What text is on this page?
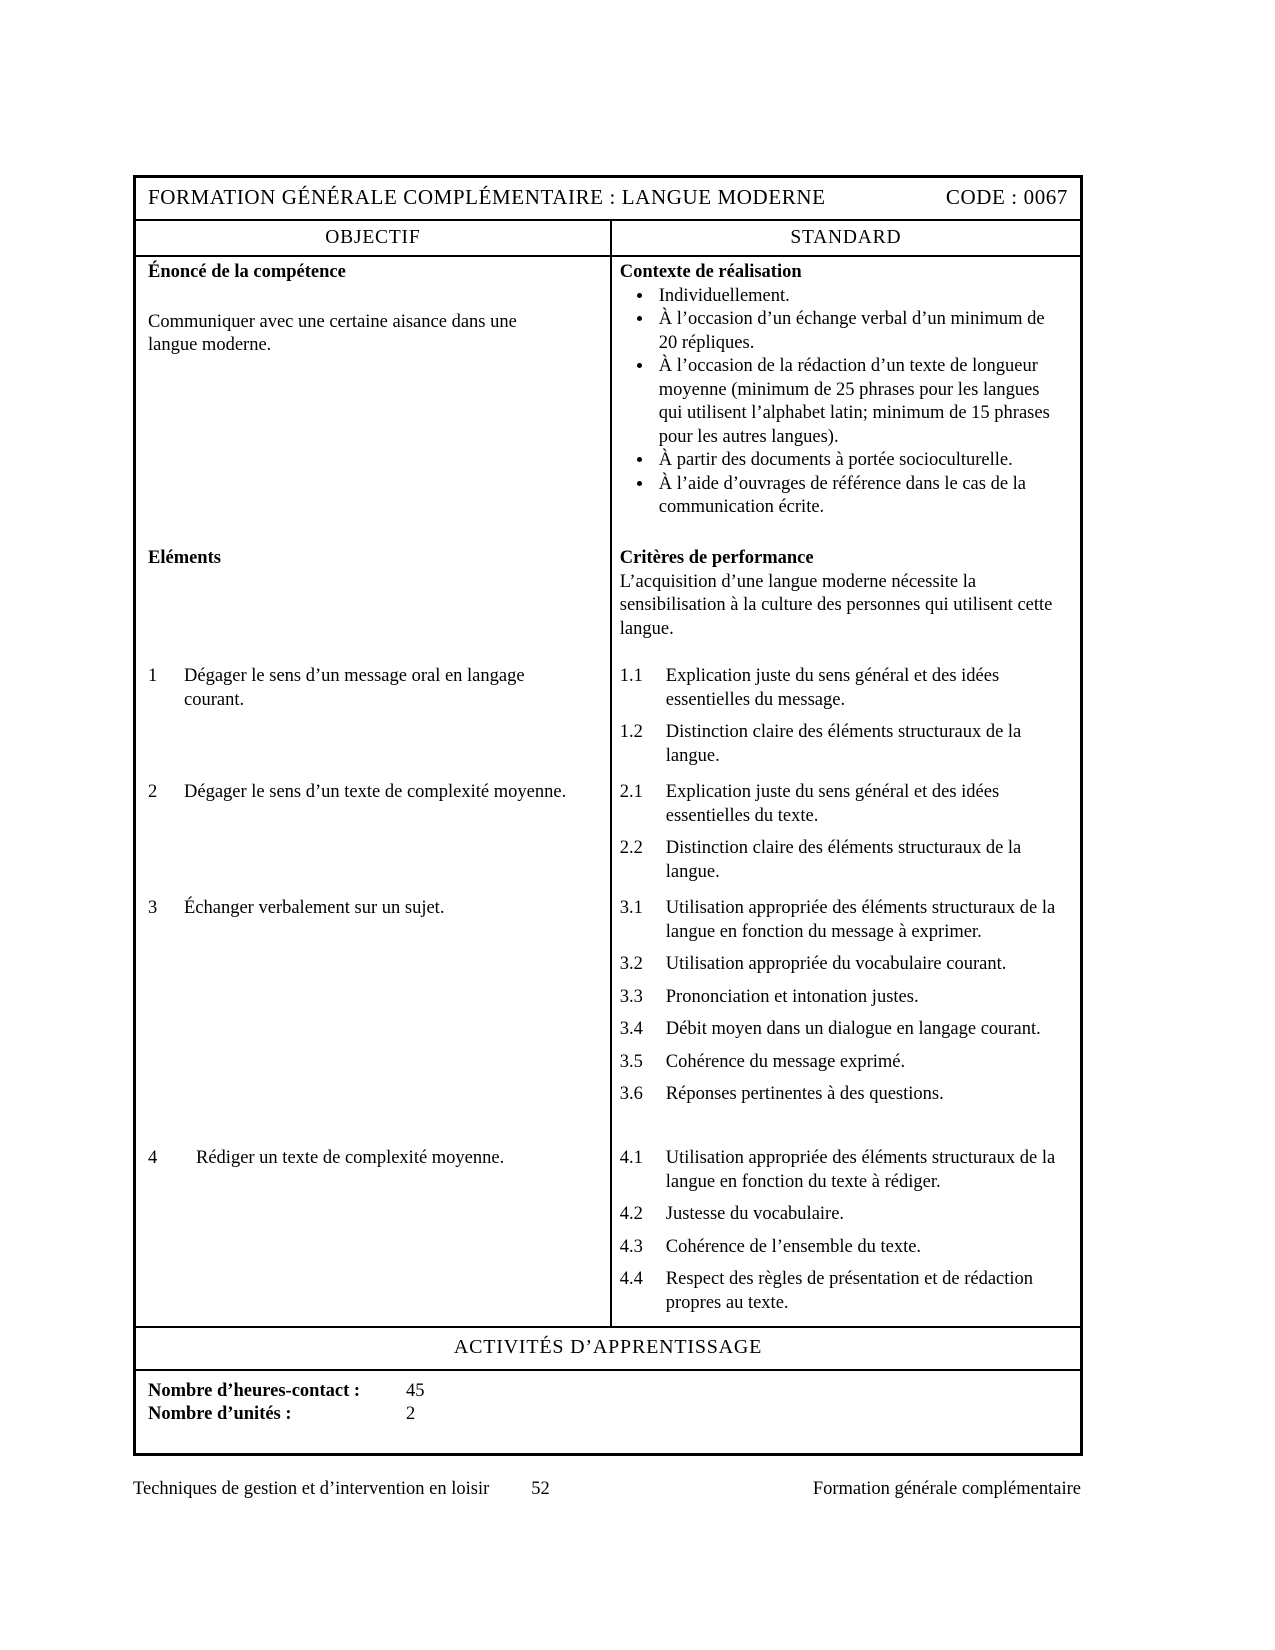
FORMATION GÉNÉRALE COMPLÉMENTAIRE : LANGUE MODERNE	CODE : 0067
OBJECTIF	STANDARD
Énoncé de la compétence

Communiquer avec une certaine aisance dans une langue moderne.

Contexte de réalisation
• Individuellement.
• À l’occasion d’un échange verbal d’un minimum de 20 répliques.
• À l’occasion de la rédaction d’un texte de longueur moyenne (minimum de 25 phrases pour les langues qui utilisent l’alphabet latin; minimum de 15 phrases pour les autres langues).
• À partir des documents à portée socioculturelle.
• À l’aide d’ouvrages de référence dans le cas de la communication écrite.
Eléments	Critères de performance

L’acquisition d’une langue moderne nécessite la sensibilisation à la culture des personnes qui utilisent cette langue.

1	Dégager le sens d’un message oral en langage courant.
1.1	Explication juste du sens général et des idées essentielles du message.
1.2	Distinction claire des éléments structuraux de la langue.
2	Dégager le sens d’un texte de complexité moyenne.	2.1	Explication juste du sens général et des idées essentielles du texte.
2.2	Distinction claire des éléments structuraux de la langue.
3	Échanger verbalement sur un sujet.	3.1	Utilisation appropriée des éléments structuraux de la langue en fonction du message à exprimer.
3.2	Utilisation appropriée du vocabulaire courant.
3.3	Prononciation et intonation justes.
3.4	Débit moyen dans un dialogue en langage courant.
3.5	Cohérence du message exprimé.
3.6	Réponses pertinentes à des questions.
4	Rédiger un texte de complexité moyenne.	4.1	Utilisation appropriée des éléments structuraux de la langue en fonction du texte à rédiger.
4.2	Justesse du vocabulaire.
4.3	Cohérence de l’ensemble du texte.
4.4	Respect des règles de présentation et de rédaction propres au texte.
ACTIVITÉS D’APPRENTISSAGE
Nombre d’heures-contact :	45
Nombre d’unités :	2
Techniques de gestion et d’intervention en loisir 52	Formation générale complémentaire
